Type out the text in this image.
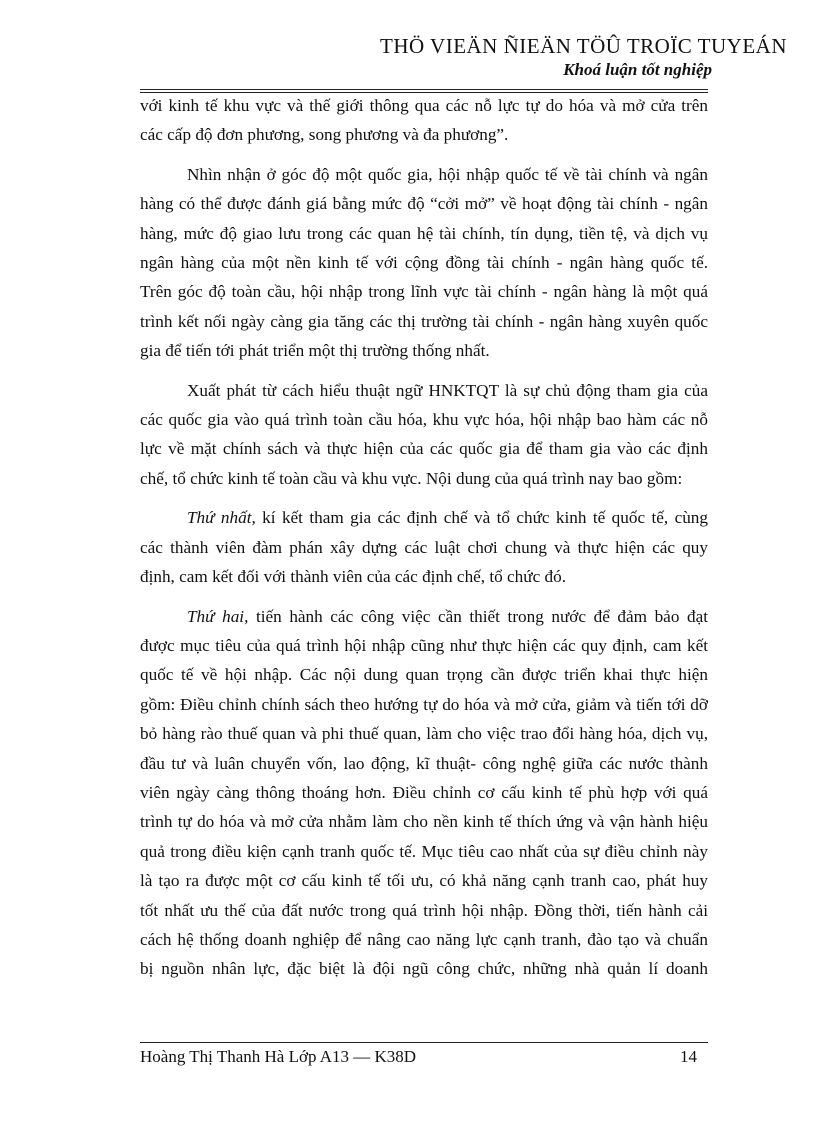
THÖ VIEÄN ÑIEÄN TÖÛ TROÏC TUYEÁN
Khoá luận tốt nghiệp

với kinh tế khu vực và thế giới thông qua các nỗ lực tự do hóa và mở cửa trên
các cấp độ đơn phương, song phương và đa phương”.

Nhìn nhận ở góc độ một quốc gia, hội nhập quốc tế về tài chính và ngân
hàng có thể được đánh giá bằng mức độ “cởi mở” về hoạt động tài chính - ngân
hàng, mức độ giao lưu trong các quan hệ tài chính, tín dụng, tiền tệ, và dịch vụ
ngân hàng của một nền kinh tế với cộng đồng tài chính - ngân hàng quốc tế.
Trên góc độ toàn cầu, hội nhập trong lĩnh vực tài chính - ngân hàng là một quá
trình kết nối ngày càng gia tăng các thị trường tài chính - ngân hàng xuyên quốc
gia để tiến tới phát triển một thị trường thống nhất.

Xuất phát từ cách hiểu thuật ngữ HNKTQT là sự chủ động tham gia của
các quốc gia vào quá trình toàn cầu hóa, khu vực hóa, hội nhập bao hàm các nỗ
lực về mặt chính sách và thực hiện của các quốc gia để tham gia vào các định
chế, tổ chức kinh tế toàn cầu và khu vực. Nội dung của quá trình nay bao gồm:

Thứ nhất, kí kết tham gia các định chế và tổ chức kinh tế quốc tế, cùng
các thành viên đàm phán xây dựng các luật chơi chung và thực hiện các quy
định, cam kết đối với thành viên của các định chế, tổ chức đó.

Thứ hai, tiến hành các công việc cần thiết trong nước để đảm bảo đạt
được mục tiêu của quá trình hội nhập cũng như thực hiện các quy định, cam kết
quốc tế về hội nhập. Các nội dung quan trọng cần được triển khai thực hiện
gồm: Điều chỉnh chính sách theo hướng tự do hóa và mở cửa, giảm và tiến tới dỡ
bỏ hàng rào thuế quan và phi thuế quan, làm cho việc trao đổi hàng hóa, dịch vụ,
đầu tư và luân chuyển vốn, lao động, kĩ thuật- công nghệ giữa các nước thành
viên ngày càng thông thoáng hơn. Điều chỉnh cơ cấu kinh tế phù hợp với quá
trình tự do hóa và mở cửa nhằm làm cho nền kinh tế thích ứng và vận hành hiệu
quả trong điều kiện cạnh tranh quốc tế. Mục tiêu cao nhất của sự điều chỉnh này
là tạo ra được một cơ cấu kinh tế tối ưu, có khả năng cạnh tranh cao, phát huy
tốt nhất ưu thế của đất nước trong quá trình hội nhập. Đồng thời, tiến hành cải
cách hệ thống doanh nghiệp để nâng cao năng lực cạnh tranh, đào tạo và chuẩn
bị nguồn nhân lực, đặc biệt là đội ngũ công chức, những nhà quản lí doanh

Hoàng Thị Thanh Hà Lớp A13 — K38D	14
